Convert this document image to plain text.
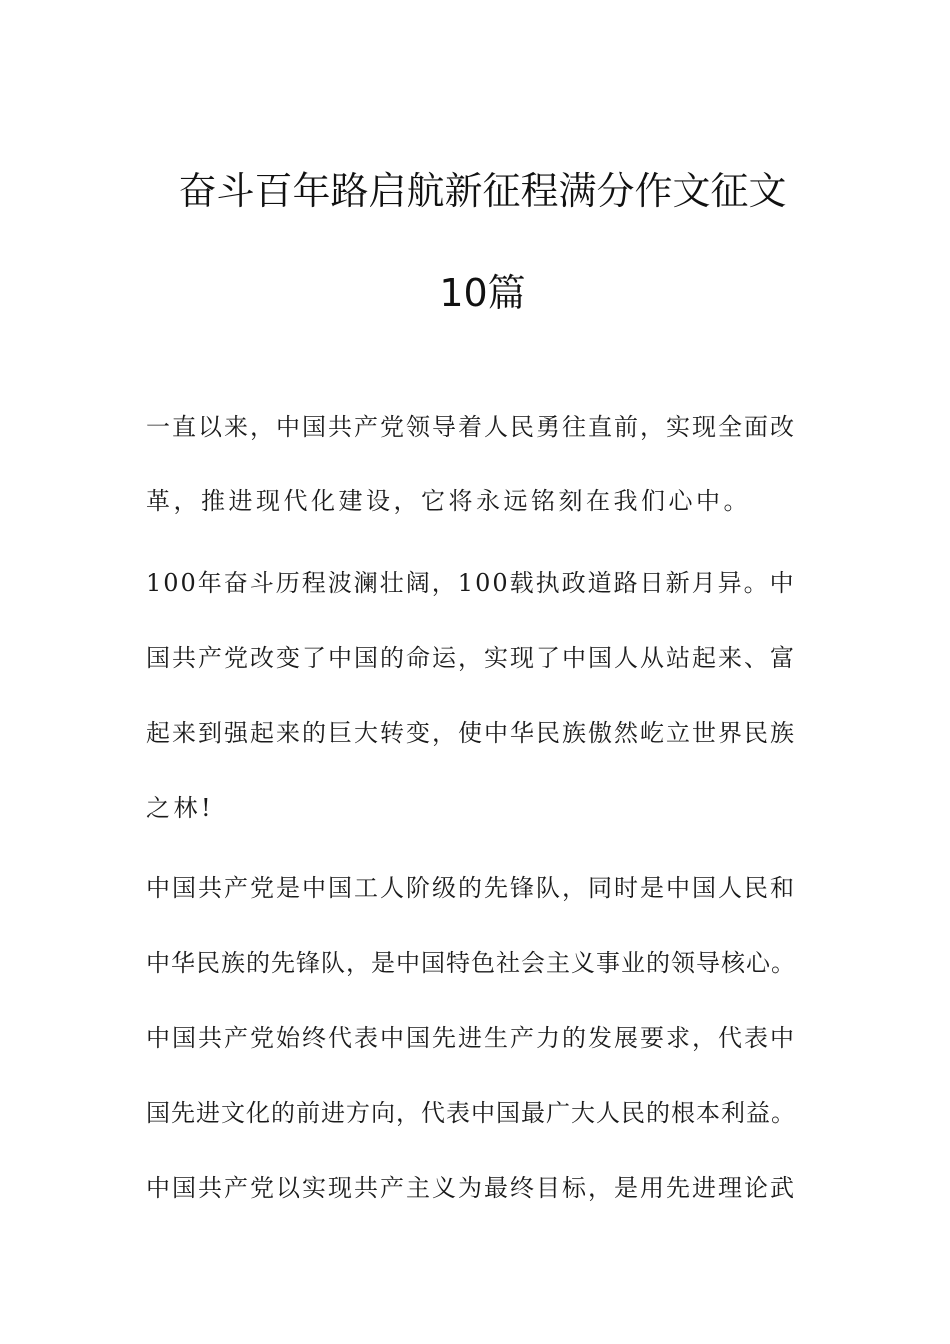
奋斗百年路启航新征程满分作文征文
10篇
一直以来，中国共产党领导着人民勇往直前，实现全面改
革，推进现代化建设，它将永远铭刻在我们心中。
100年奋斗历程波澜壮阔，100载执政道路日新月异。中
国共产党改变了中国的命运，实现了中国人从站起来、富
起来到强起来的巨大转变，使中华民族傲然屹立世界民族
之林!
中国共产党是中国工人阶级的先锋队，同时是中国人民和
中华民族的先锋队，是中国特色社会主义事业的领导核心。
中国共产党始终代表中国先进生产力的发展要求，代表中
国先进文化的前进方向，代表中国最广大人民的根本利益。
中国共产党以实现共产主义为最终目标，是用先进理论武
